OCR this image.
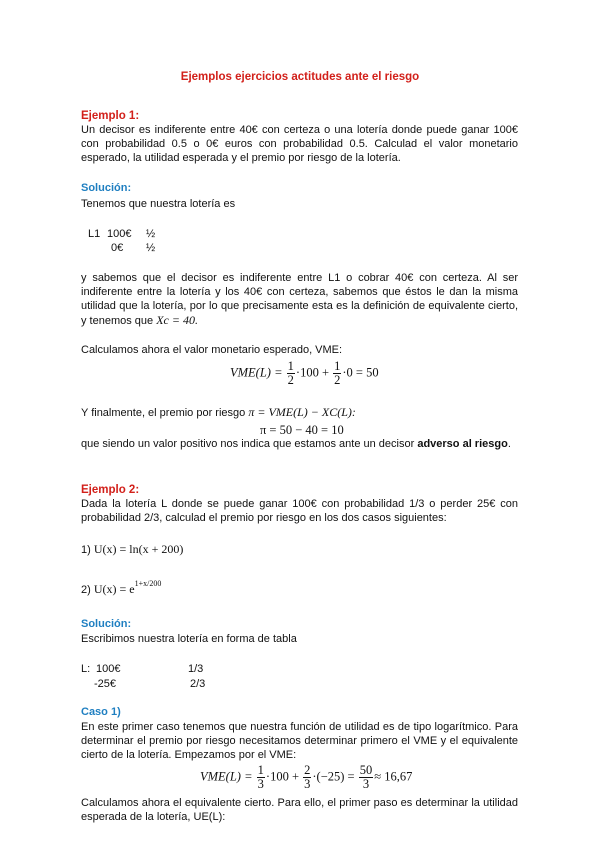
Ejemplos ejercicios actitudes ante el riesgo
Ejemplo 1:
Un decisor es indiferente entre 40€ con certeza o una lotería donde puede ganar 100€ con probabilidad 0.5 o 0€ euros con probabilidad 0.5. Calculad el valor monetario esperado, la utilidad esperada y el premio por riesgo de la lotería.
Solución:
Tenemos que nuestra lotería es
L1 100€ ½
0€ ½
y sabemos que el decisor es indiferente entre L1 o cobrar 40€ con certeza. Al ser indiferente entre la lotería y los 40€ con certeza, sabemos que éstos le dan la misma utilidad que la lotería, por lo que precisamente esta es la definición de equivalente cierto, y tenemos que Xc = 40.
Calculamos ahora el valor monetario esperado, VME:
$VME(L) = \frac{1}{2} \cdot 100 + \frac{1}{2} \cdot 0 = 50$
Y finalmente, el premio por riesgo π = VME(L) − XC(L):
π = 50 − 40 = 10
que siendo un valor positivo nos indica que estamos ante un decisor adverso al riesgo.
Ejemplo 2:
Dada la lotería L donde se puede ganar 100€ con probabilidad 1/3 o perder 25€ con probabilidad 2/3, calculad el premio por riesgo en los dos casos siguientes:
1) U(x) = ln(x + 200)
2) $U(x) = e^{1+x/200}$
Solución:
Escribimos nuestra lotería en forma de tabla
L: 100€	1/3
-25€	2/3
Caso 1)
En este primer caso tenemos que nuestra función de utilidad es de tipo logarítmico. Para determinar el premio por riesgo necesitamos determinar primero el VME y el equivalente cierto de la lotería. Empezamos por el VME:
$VME(L) = \frac{1}{3} \cdot 100 + \frac{2}{3} \cdot(-25) = \frac{50}{3} \approx 16,67$
Calculamos ahora el equivalente cierto. Para ello, el primer paso es determinar la utilidad esperada de la lotería, UE(L):
